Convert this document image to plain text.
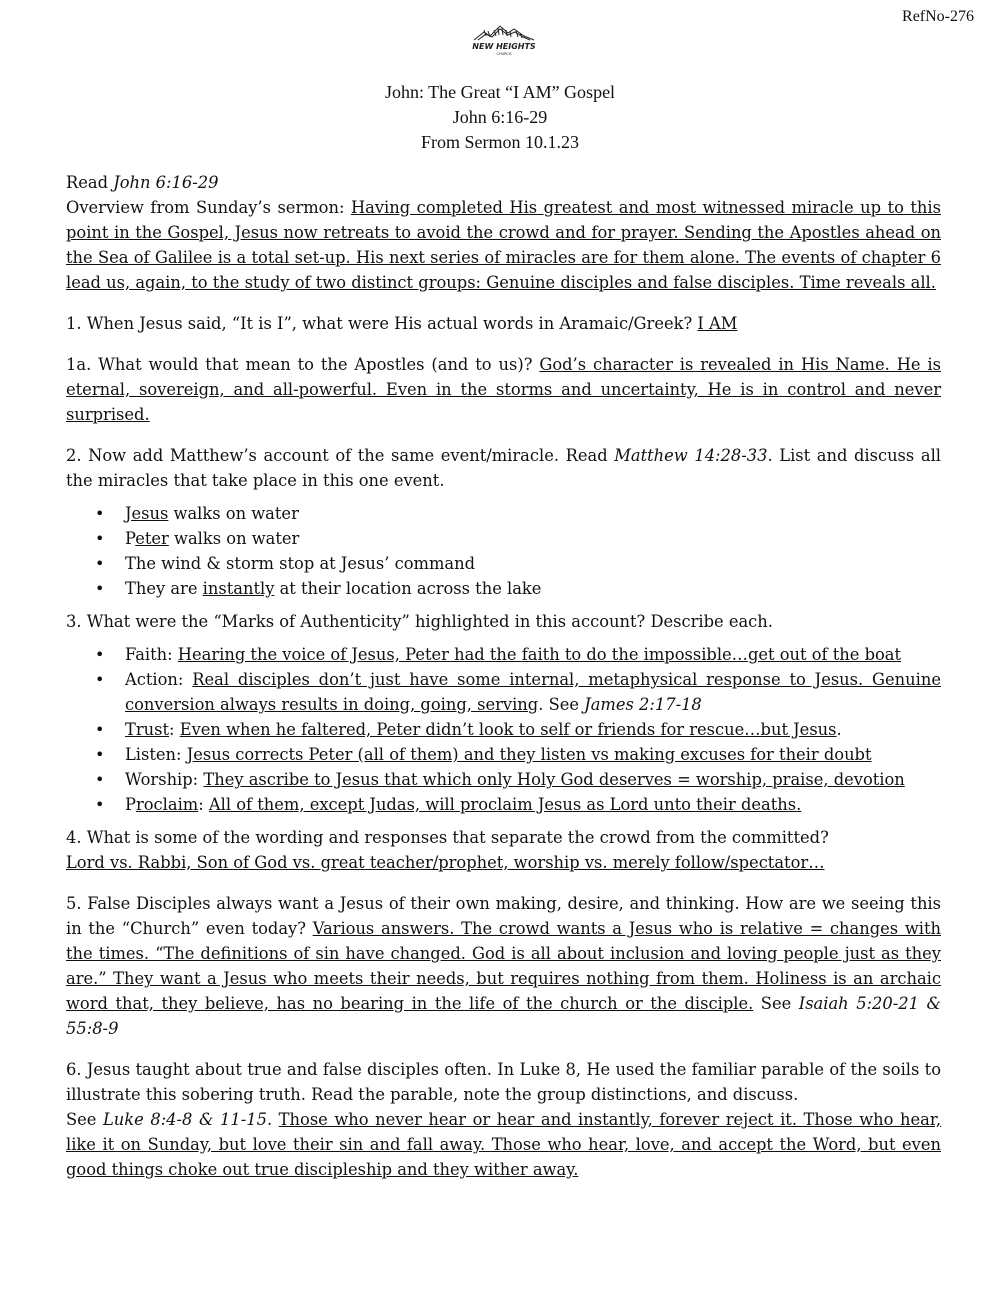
RefNo-276
NEW HEIGHTS
CHURCH
John: The Great “I AM” Gospel
John 6:16-29
From Sermon 10.1.23

Read John 6:16-29

Overview from Sunday’s sermon: Having completed His greatest and most witnessed miracle up to this point in the Gospel, Jesus now retreats to avoid the crowd and for prayer. Sending the Apostles ahead on the Sea of Galilee is a total set-up. His next series of miracles are for them alone. The events of chapter 6 lead us, again, to the study of two distinct groups: Genuine disciples and false disciples. Time reveals all.

1. When Jesus said, “It is I”, what were His actual words in Aramaic/Greek? I AM

1a. What would that mean to the Apostles (and to us)? God’s character is revealed in His Name. He is eternal, sovereign, and all-powerful. Even in the storms and uncertainty, He is in control and never surprised.

2. Now add Matthew’s account of the same event/miracle. Read Matthew 14:28-33. List and discuss all the miracles that take place in this one event.

• Jesus walks on water
• Peter walks on water
• The wind & storm stop at Jesus’ command
• They are instantly at their location across the lake

3. What were the “Marks of Authenticity” highlighted in this account? Describe each.

• Faith: Hearing the voice of Jesus, Peter had the faith to do the impossible…get out of the boat
• Action: Real disciples don’t just have some internal, metaphysical response to Jesus. Genuine conversion always results in doing, going, serving. See James 2:17-18
• Trust: Even when he faltered, Peter didn’t look to self or friends for rescue…but Jesus.
• Listen: Jesus corrects Peter (all of them) and they listen vs making excuses for their doubt
• Worship: They ascribe to Jesus that which only Holy God deserves = worship, praise, devotion
• Proclaim: All of them, except Judas, will proclaim Jesus as Lord unto their deaths.

4. What is some of the wording and responses that separate the crowd from the committed?

Lord vs. Rabbi, Son of God vs. great teacher/prophet, worship vs. merely follow/spectator…

5. False Disciples always want a Jesus of their own making, desire, and thinking. How are we seeing this in the “Church” even today? Various answers. The crowd wants a Jesus who is relative = changes with the times. “The definitions of sin have changed. God is all about inclusion and loving people just as they are.” They want a Jesus who meets their needs, but requires nothing from them. Holiness is an archaic word that, they believe, has no bearing in the life of the church or the disciple. See Isaiah 5:20-21 & 55:8-9

6. Jesus taught about true and false disciples often. In Luke 8, He used the familiar parable of the soils to illustrate this sobering truth. Read the parable, note the group distinctions, and discuss.

See Luke 8:4-8 & 11-15. Those who never hear or hear and instantly, forever reject it. Those who hear, like it on Sunday, but love their sin and fall away. Those who hear, love, and accept the Word, but even good things choke out true discipleship and they wither away.
